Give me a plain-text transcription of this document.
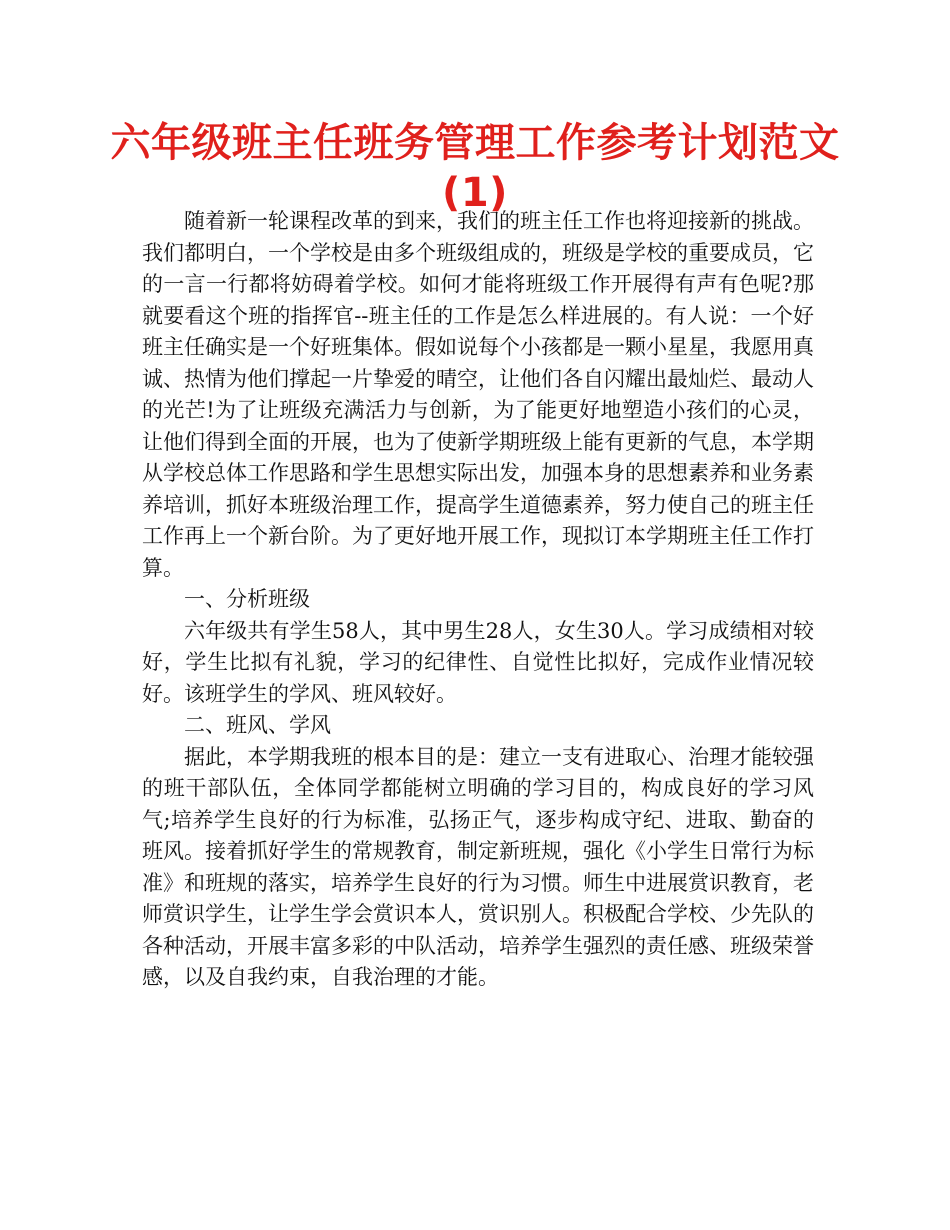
六年级班主任班务管理工作参考计划范文(1)

随着新一轮课程改革的到来，我们的班主任工作也将迎接新的挑战。我们都明白，一个学校是由多个班级组成的，班级是学校的重要成员，它的一言一行都将妨碍着学校。如何才能将班级工作开展得有声有色呢?那就要看这个班的指挥官--班主任的工作是怎么样进展的。有人说：一个好班主任确实是一个好班集体。假如说每个小孩都是一颗小星星，我愿用真诚、热情为他们撑起一片挚爱的晴空，让他们各自闪耀出最灿烂、最动人的光芒!为了让班级充满活力与创新，为了能更好地塑造小孩们的心灵，让他们得到全面的开展，也为了使新学期班级上能有更新的气息，本学期从学校总体工作思路和学生思想实际出发，加强本身的思想素养和业务素养培训，抓好本班级治理工作，提高学生道德素养，努力使自己的班主任工作再上一个新台阶。为了更好地开展工作，现拟订本学期班主任工作打算。

一、分析班级

六年级共有学生58人，其中男生28人，女生30人。学习成绩相对较好，学生比拟有礼貌，学习的纪律性、自觉性比拟好，完成作业情况较好。该班学生的学风、班风较好。

二、班风、学风

据此，本学期我班的根本目的是：建立一支有进取心、治理才能较强的班干部队伍，全体同学都能树立明确的学习目的，构成良好的学习风气;培养学生良好的行为标准，弘扬正气，逐步构成守纪、进取、勤奋的班风。接着抓好学生的常规教育，制定新班规，强化《小学生日常行为标准》和班规的落实，培养学生良好的行为习惯。师生中进展赏识教育，老师赏识学生，让学生学会赏识本人，赏识别人。积极配合学校、少先队的各种活动，开展丰富多彩的中队活动，培养学生强烈的责任感、班级荣誉感，以及自我约束，自我治理的才能。
